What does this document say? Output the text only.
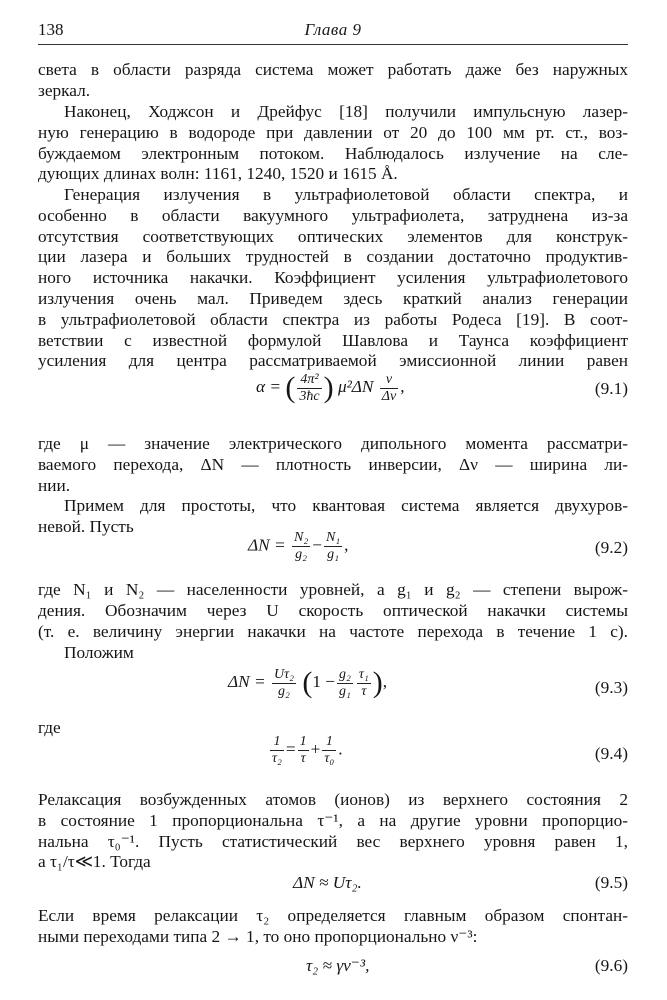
138	Глава 9
света в области разряда система может работать даже без наружных
зеркал.
Наконец, Ходжсон и Дрейфус [18] получили импульсную лазер-
ную генерацию в водороде при давлении от 20 до 100 мм рт. ст., воз-
буждаемом электронным потоком. Наблюдалось излучение на сле-
дующих длинах волн: 1161, 1240, 1520 и 1615 Å.
Генерация излучения в ультрафиолетовой области спектра, и
особенно в области вакуумного ультрафиолета, затруднена из-за
отсутствия соответствующих оптических элементов для конструк-
ции лазера и больших трудностей в создании достаточно продуктив-
ного источника накачки. Коэффициент усиления ультрафиолетового
излучения очень мал. Приведем здесь краткий анализ генерации
в ультрафиолетовой области спектра из работы Родеса [19]. В соот-
ветствии с известной формулой Шавлова и Таунса коэффициент
усиления для центра рассматриваемой эмиссионной линии равен
α = ( $\frac{\text{4π²}}{3ħc}$ ) $\mu^2\Delta N \frac{\nu}{\Delta\nu}$ ,	(9.1)
где μ — значение электрического дипольного момента рассматри-
ваемого перехода, ΔN — плотность инверсии, Δν — ширина ли-
нии.
Примем для простоты, что квантовая система является двухуров-
невой. Пусть
$\Delta N = \frac{\text{N₂}}{\text{g₂}} - \frac{\text{N₁}}{\text{g₁}}$ ,	(9.2)
где N₁ и N₂ — населенности уровней, а g₁ и g₂ — степени вырож-
дения. Обозначим через U скорость оптической накачки системы
(т. е. величину энергии накачки на частоте перехода в течение 1 с).
Положим
$\Delta N = \frac{\text{Uτ₂}}{\text{g₂}} (1 - \frac{\text{g₂}}{\text{g₁}} \frac{\text{τ₁}}{\tau}$ ),	(9.3)
где
$\frac{1}{\text{τ₂}} = \frac{1}{\tau} + \frac{1}{\text{τ₀}}$ .	(9.4)
Релаксация возбужденных атомов (ионов) из верхнего состояния 2
в состояние 1 пропорциональна τ⁻¹, а на другие уровни пропорцио-
нальна τ₀⁻¹. Пусть статистический вес верхнего уровня равен 1,
а τ₁/τ≪1. Тогда
ΔN ≈ Uτ₂.	(9.5)
Если время релаксации τ₂ определяется главным образом спонтан-
ными переходами типа 2 → 1, то оно пропорционально ν⁻³:
τ₂ ≈ γν⁻³,	(9.6)
